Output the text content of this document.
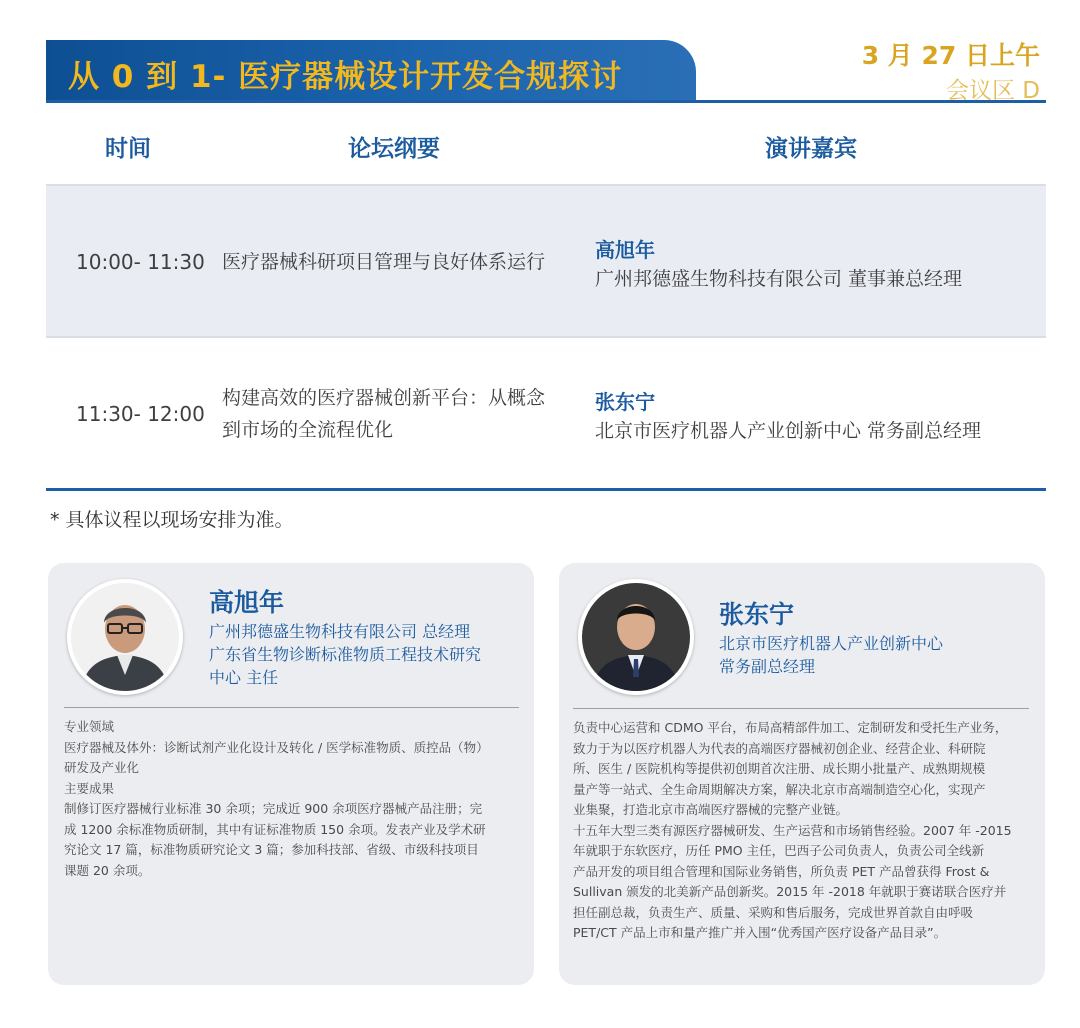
从 0 到 1- 医疗器械设计开发合规探讨
3 月 27 日上午
会议区 D
时间	论坛纲要	演讲嘉宾
10:00- 11:30 医疗器械科研项目管理与良好体系运行 高旭年
广州邦德盛生物科技有限公司 董事兼总经理
11:30- 12:00
构建高效的医疗器械创新平台：从概念
到市场的全流程优化
张东宁
北京市医疗机器人产业创新中心 常务副总经理
* 具体议程以现场安排为准。
高旭年
广州邦德盛生物科技有限公司 总经理
广东省生物诊断标准物质工程技术研究
中心 主任
专业领域
医疗器械及体外：诊断试剂产业化设计及转化 / 医学标准物质、质控品（物）
研发及产业化
主要成果
制修订医疗器械行业标准 30 余项；完成近 900 余项医疗器械产品注册；完
成 1200 余标准物质研制，其中有证标准物质 150 余项。发表产业及学术研
究论文 17 篇，标准物质研究论文 3 篇；参加科技部、省级、市级科技项目
课题 20 余项。
张东宁
北京市医疗机器人产业创新中心
常务副总经理
负责中心运营和 CDMO 平台，布局高精部件加工、定制研发和受托生产业务，
致力于为以医疗机器人为代表的高端医疗器械初创企业、经营企业、科研院
所、医生 / 医院机构等提供初创期首次注册、成长期小批量产、成熟期规模
量产等一站式、全生命周期解决方案，解决北京市高端制造空心化，实现产
业集聚，打造北京市高端医疗器械的完整产业链。
十五年大型三类有源医疗器械研发、生产运营和市场销售经验。2007 年 -2015
年就职于东软医疗，历任 PMO 主任，巴西子公司负责人，负责公司全线新
产品开发的项目组合管理和国际业务销售，所负责 PET 产品曾获得 Frost &
Sullivan 颁发的北美新产品创新奖。2015 年 -2018 年就职于赛诺联合医疗并
担任副总裁，负责生产、质量、采购和售后服务，完成世界首款自由呼吸
PET/CT 产品上市和量产推广并入围“优秀国产医疗设备产品目录”。
